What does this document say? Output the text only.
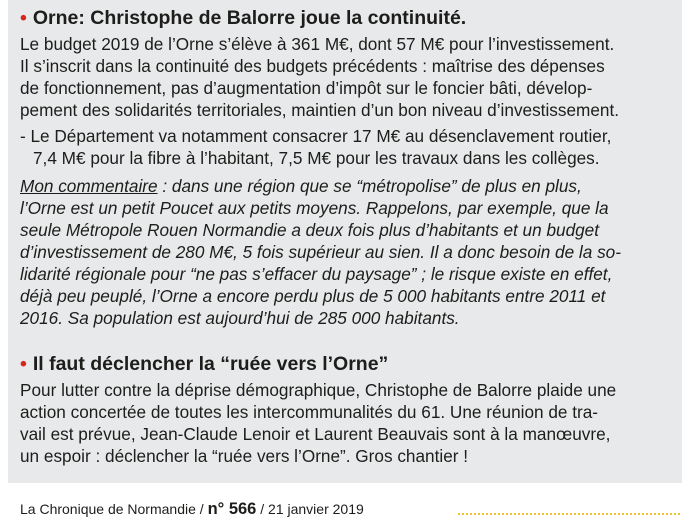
• Orne: Christophe de Balorre joue la continuité.
Le budget 2019 de l’Orne s’élève à 361 M€, dont 57 M€ pour l’investissement.
Il s’inscrit dans la continuité des budgets précédents : maîtrise des dépenses
de fonctionnement, pas d’augmentation d’impôt sur le foncier bâti, dévelop-
pement des solidarités territoriales, maintien d’un bon niveau d’investissement.
- Le Département va notamment consacrer 17 M€ au désenclavement routier,
7,4 M€ pour la fibre à l’habitant, 7,5 M€ pour les travaux dans les collèges.
Mon commentaire : dans une région que se “métropolise” de plus en plus,
l’Orne est un petit Poucet aux petits moyens. Rappelons, par exemple, que la
seule Métropole Rouen Normandie a deux fois plus d’habitants et un budget
d’investissement de 280 M€, 5 fois supérieur au sien. Il a donc besoin de la so-
lidarité régionale pour “ne pas s’effacer du paysage” ; le risque existe en effet,
déjà peu peuplé, l’Orne a encore perdu plus de 5 000 habitants entre 2011 et
2016. Sa population est aujourd’hui de 285 000 habitants.
• Il faut déclencher la “ruée vers l’Orne”
Pour lutter contre la déprise démographique, Christophe de Balorre plaide une
action concertée de toutes les intercommunalités du 61. Une réunion de tra-
vail est prévue, Jean-Claude Lenoir et Laurent Beauvais sont à la manœuvre,
un espoir : déclencher la “ruée vers l’Orne”. Gros chantier !
La Chronique de Normandie / n° 566 / 21 janvier 2019
